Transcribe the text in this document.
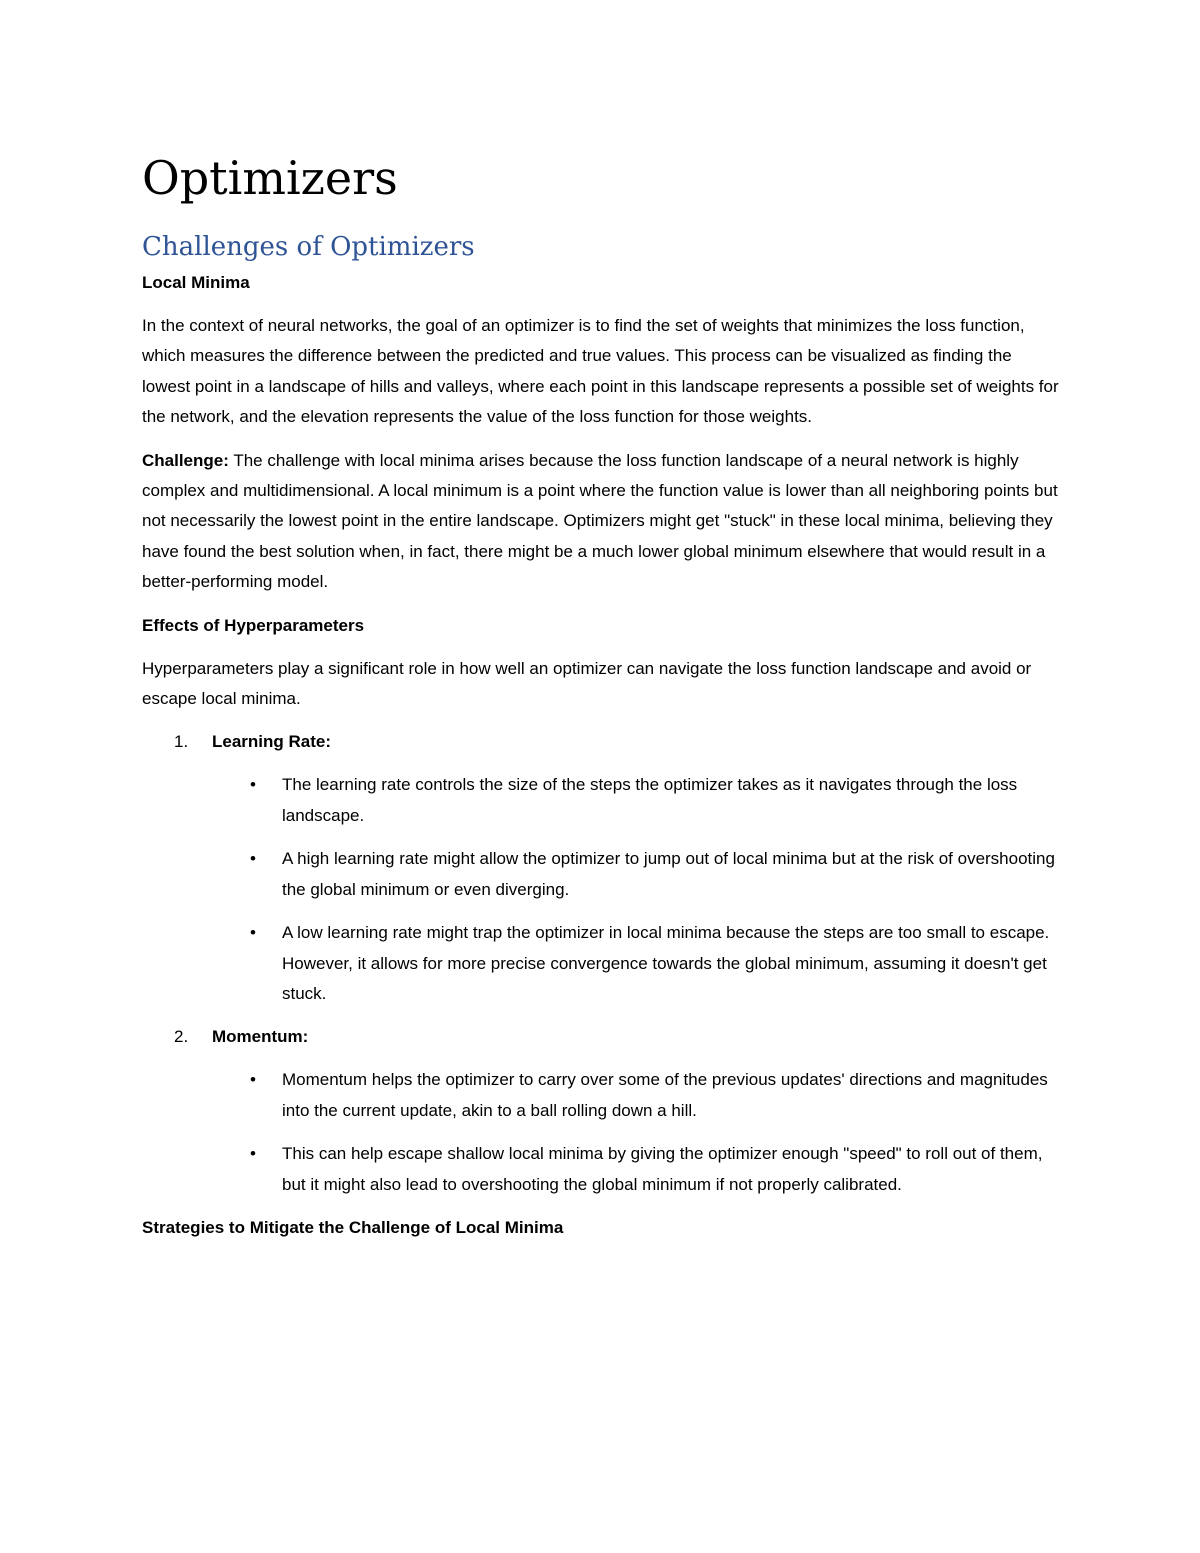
Optimizers
Challenges of Optimizers
Local Minima

In the context of neural networks, the goal of an optimizer is to find the set of weights that minimizes the loss function, which measures the difference between the predicted and true values. This process can be visualized as finding the lowest point in a landscape of hills and valleys, where each point in this landscape represents a possible set of weights for the network, and the elevation represents the value of the loss function for those weights.

Challenge: The challenge with local minima arises because the loss function landscape of a neural network is highly complex and multidimensional. A local minimum is a point where the function value is lower than all neighboring points but not necessarily the lowest point in the entire landscape. Optimizers might get "stuck" in these local minima, believing they have found the best solution when, in fact, there might be a much lower global minimum elsewhere that would result in a better-performing model.

Effects of Hyperparameters

Hyperparameters play a significant role in how well an optimizer can navigate the loss function landscape and avoid or escape local minima.

1. Learning Rate:
• The learning rate controls the size of the steps the optimizer takes as it navigates through the loss landscape.
• A high learning rate might allow the optimizer to jump out of local minima but at the risk of overshooting the global minimum or even diverging.
• A low learning rate might trap the optimizer in local minima because the steps are too small to escape. However, it allows for more precise convergence towards the global minimum, assuming it doesn't get stuck.
2. Momentum:
• Momentum helps the optimizer to carry over some of the previous updates' directions and magnitudes into the current update, akin to a ball rolling down a hill.
• This can help escape shallow local minima by giving the optimizer enough "speed" to roll out of them, but it might also lead to overshooting the global minimum if not properly calibrated.
Strategies to Mitigate the Challenge of Local Minima
